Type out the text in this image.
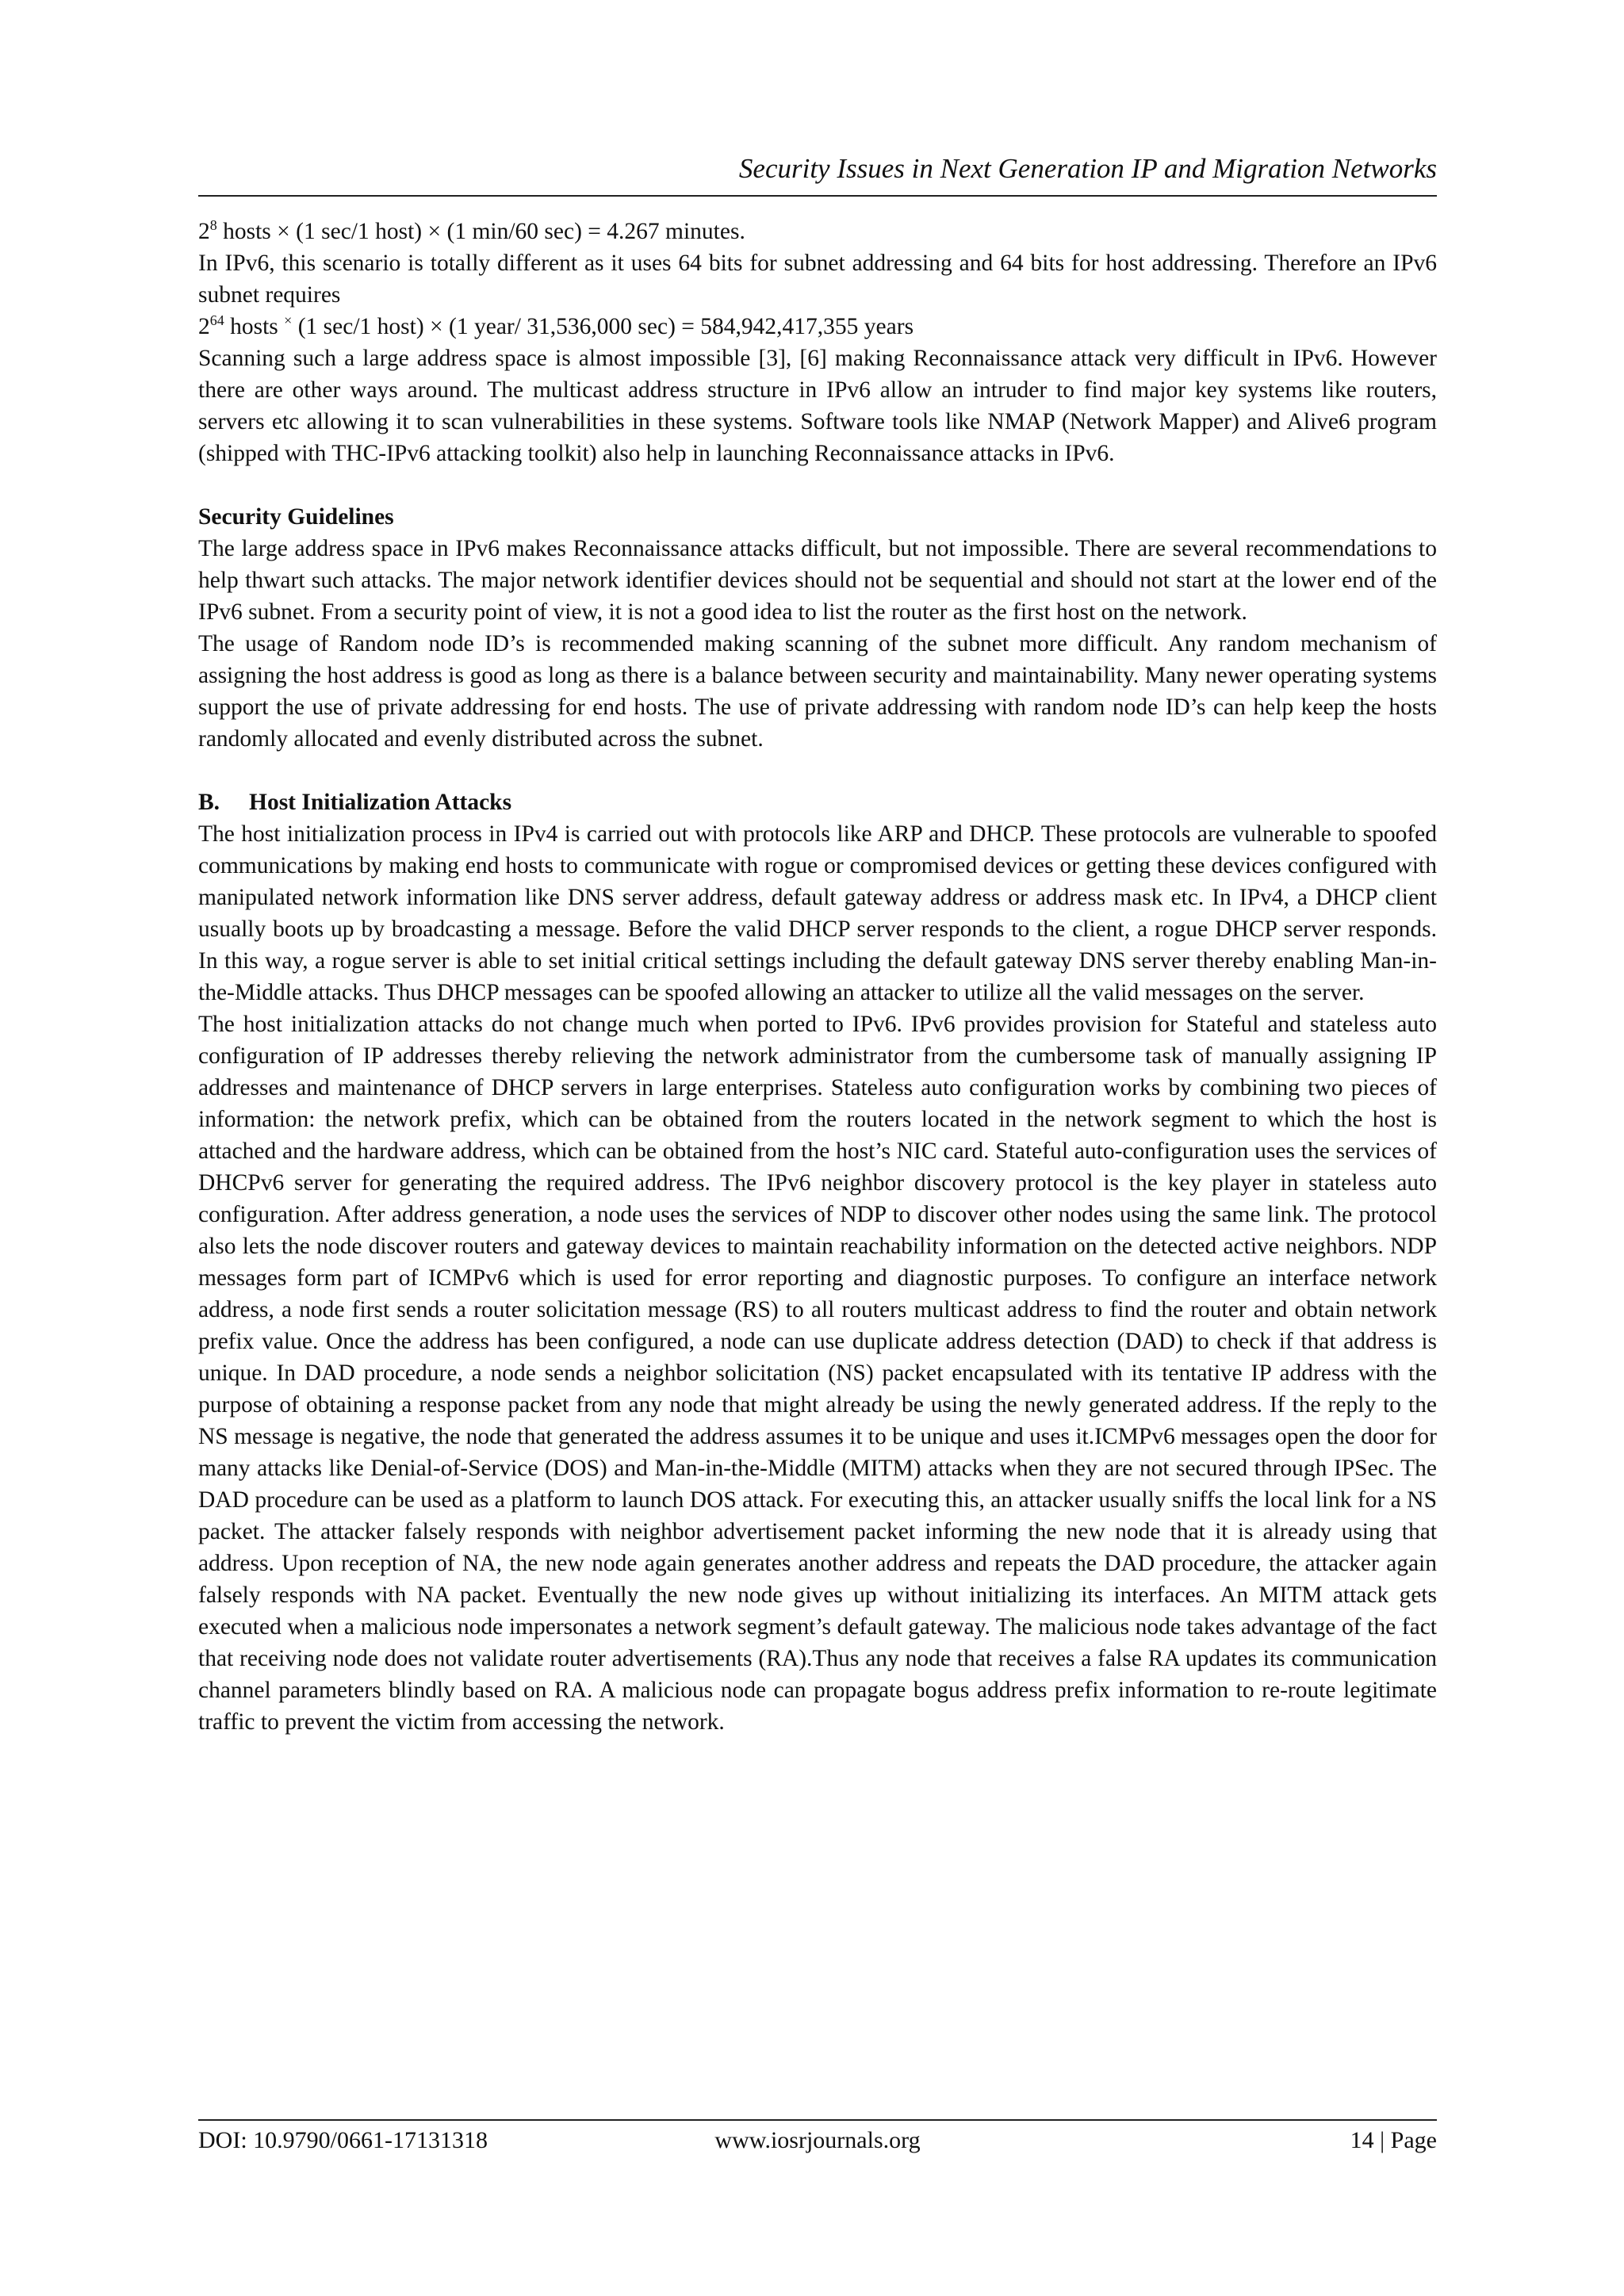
Security Issues in Next Generation IP and Migration Networks

$2^8$ hosts × (1 sec/1 host) × (1 min/60 sec) = 4.267 minutes.

In IPv6, this scenario is totally different as it uses 64 bits for subnet addressing and 64 bits for host addressing. Therefore an IPv6 subnet requires

$2^{64}$ hosts × (1 sec/1 host) × (1 year/ 31,536,000 sec) = 584,942,417,355 years

Scanning such a large address space is almost impossible [3], [6] making Reconnaissance attack very difficult in IPv6. However there are other ways around. The multicast address structure in IPv6 allow an intruder to find major key systems like routers, servers etc allowing it to scan vulnerabilities in these systems. Software tools like NMAP (Network Mapper) and Alive6 program (shipped with THC-IPv6 attacking toolkit) also help in launching Reconnaissance attacks in IPv6.

Security Guidelines

The large address space in IPv6 makes Reconnaissance attacks difficult, but not impossible. There are several recommendations to help thwart such attacks. The major network identifier devices should not be sequential and should not start at the lower end of the IPv6 subnet. From a security point of view, it is not a good idea to list the router as the first host on the network.

The usage of Random node ID’s is recommended making scanning of the subnet more difficult. Any random mechanism of assigning the host address is good as long as there is a balance between security and maintainability. Many newer operating systems support the use of private addressing for end hosts. The use of private addressing with random node ID’s can help keep the hosts randomly allocated and evenly distributed across the subnet.

B. Host Initialization Attacks

The host initialization process in IPv4 is carried out with protocols like ARP and DHCP. These protocols are vulnerable to spoofed communications by making end hosts to communicate with rogue or compromised devices or getting these devices configured with manipulated network information like DNS server address, default gateway address or address mask etc. In IPv4, a DHCP client usually boots up by broadcasting a message. Before the valid DHCP server responds to the client, a rogue DHCP server responds. In this way, a rogue server is able to set initial critical settings including the default gateway DNS server thereby enabling Man-in-the-Middle attacks. Thus DHCP messages can be spoofed allowing an attacker to utilize all the valid messages on the server.

The host initialization attacks do not change much when ported to IPv6. IPv6 provides provision for Stateful and stateless auto configuration of IP addresses thereby relieving the network administrator from the cumbersome task of manually assigning IP addresses and maintenance of DHCP servers in large enterprises. Stateless auto configuration works by combining two pieces of information: the network prefix, which can be obtained from the routers located in the network segment to which the host is attached and the hardware address, which can be obtained from the host’s NIC card. Stateful auto-configuration uses the services of DHCPv6 server for generating the required address. The IPv6 neighbor discovery protocol is the key player in stateless auto configuration. After address generation, a node uses the services of NDP to discover other nodes using the same link. The protocol also lets the node discover routers and gateway devices to maintain reachability information on the detected active neighbors. NDP messages form part of ICMPv6 which is used for error reporting and diagnostic purposes. To configure an interface network address, a node first sends a router solicitation message (RS) to all routers multicast address to find the router and obtain network prefix value. Once the address has been configured, a node can use duplicate address detection (DAD) to check if that address is unique. In DAD procedure, a node sends a neighbor solicitation (NS) packet encapsulated with its tentative IP address with the purpose of obtaining a response packet from any node that might already be using the newly generated address. If the reply to the NS message is negative, the node that generated the address assumes it to be unique and uses it.ICMPv6 messages open the door for many attacks like Denial-of-Service (DOS) and Man-in-the-Middle (MITM) attacks when they are not secured through IPSec. The DAD procedure can be used as a platform to launch DOS attack. For executing this, an attacker usually sniffs the local link for a NS packet. The attacker falsely responds with neighbor advertisement packet informing the new node that it is already using that address. Upon reception of NA, the new node again generates another address and repeats the DAD procedure, the attacker again falsely responds with NA packet. Eventually the new node gives up without initializing its interfaces. An MITM attack gets executed when a malicious node impersonates a network segment’s default gateway. The malicious node takes advantage of the fact that receiving node does not validate router advertisements (RA).Thus any node that receives a false RA updates its communication channel parameters blindly based on RA. A malicious node can propagate bogus address prefix information to re-route legitimate traffic to prevent the victim from accessing the network.

DOI: 10.9790/0661-17131318	www.iosrjournals.org	14 | Page
